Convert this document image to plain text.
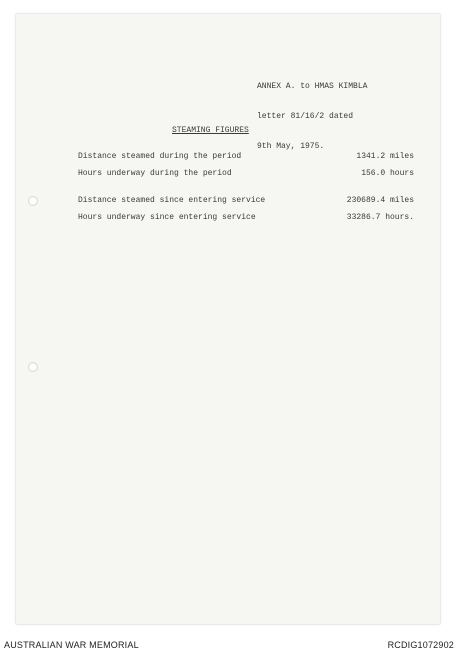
ANNEX A. to HMAS KIMBLA

letter 81/16/2 dated

9th May, 1975.

STEAMING FIGURES
Distance steamed during the period	1341.2 miles
Hours underway during the period	156.0 hours
Distance steamed since entering service	230689.4 miles
Hours underway since entering service	33286.7 hours.
AUSTRALIAN WAR MEMORIAL	RCDIG1072902
